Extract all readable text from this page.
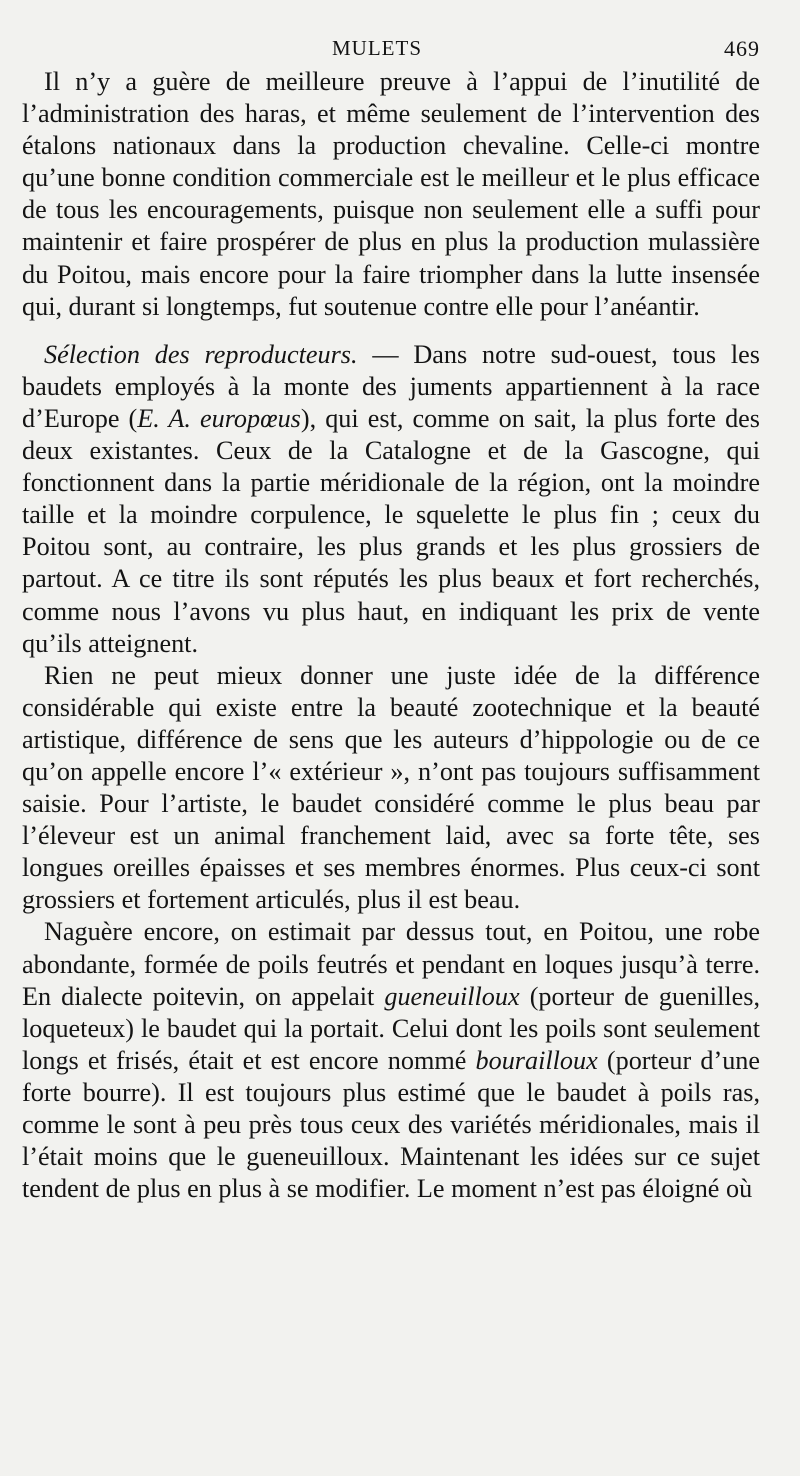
MULETS	469

Il n’y a guère de meilleure preuve à l’appui de l’inutilité de l’administration des haras, et même seulement de l’intervention des étalons nationaux dans la production chevaline. Celle-ci montre qu’une bonne condition commerciale est le meilleur et le plus efficace de tous les encouragements, puisque non seulement elle a suffi pour maintenir et faire prospérer de plus en plus la production mulassière du Poitou, mais encore pour la faire triompher dans la lutte insensée qui, durant si longtemps, fut soutenue contre elle pour l’anéantir.

Sélection des reproducteurs. — Dans notre sud-ouest, tous les baudets employés à la monte des juments appartiennent à la race d’Europe (E. A. europœus), qui est, comme on sait, la plus forte des deux existantes. Ceux de la Catalogne et de la Gascogne, qui fonctionnent dans la partie méridionale de la région, ont la moindre taille et la moindre corpulence, le squelette le plus fin ; ceux du Poitou sont, au contraire, les plus grands et les plus grossiers de partout. A ce titre ils sont réputés les plus beaux et fort recherchés, comme nous l’avons vu plus haut, en indiquant les prix de vente qu’ils atteignent.

Rien ne peut mieux donner une juste idée de la différence considérable qui existe entre la beauté zootechnique et la beauté artistique, différence de sens que les auteurs d’hippologie ou de ce qu’on appelle encore l’« extérieur », n’ont pas toujours suffisamment saisie. Pour l’artiste, le baudet considéré comme le plus beau par l’éleveur est un animal franchement laid, avec sa forte tête, ses longues oreilles épaisses et ses membres énormes. Plus ceux-ci sont grossiers et fortement articulés, plus il est beau.

Naguère encore, on estimait par dessus tout, en Poitou, une robe abondante, formée de poils feutrés et pendant en loques jusqu’à terre. En dialecte poitevin, on appelait gueneuilloux (porteur de guenilles, loqueteux) le baudet qui la portait. Celui dont les poils sont seulement longs et frisés, était et est encore nommé bourailloux (porteur d’une forte bourre). Il est toujours plus estimé que le baudet à poils ras, comme le sont à peu près tous ceux des variétés méridionales, mais il l’était moins que le gueneuilloux. Maintenant les idées sur ce sujet tendent de plus en plus à se modifier. Le moment n’est pas éloigné où
